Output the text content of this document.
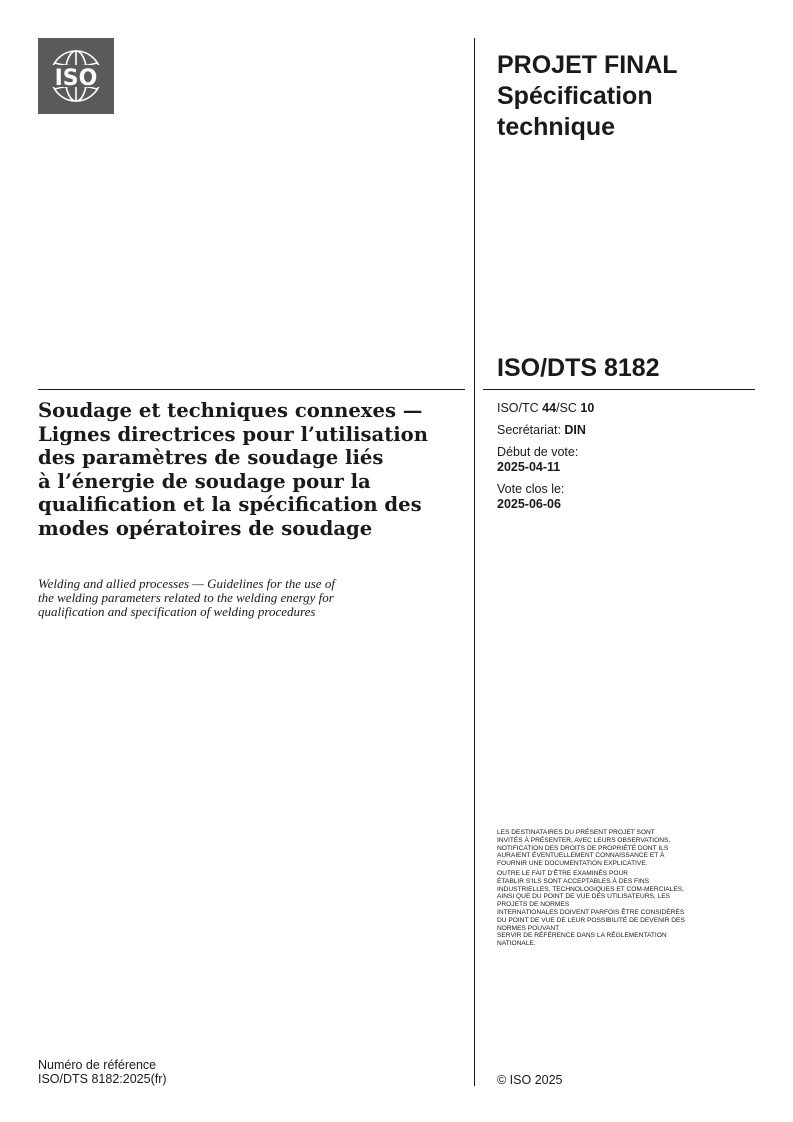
ISO	PROJET FINAL
Spécification
technique
ISO/DTS 8182
ISO/TC 44/SC 10
Secrétariat: DIN
Début de vote:
2025-04-11
Vote clos le:
2025-06-06
Soudage et techniques connexes —
Lignes directrices pour l’utilisation
des paramètres de soudage liés
à l’énergie de soudage pour la
qualification et la spécification des
modes opératoires de soudage
Welding and allied processes — Guidelines for the use of
the welding parameters related to the welding energy for
qualification and specification of welding procedures
LES DESTINATAIRES DU PRÉSENT PROJET SONT
INVITÉS À PRÉSENTER, AVEC LEURS OBSERVATIONS,
NOTIFICATION DES DROITS DE PROPRIÉTÉ DONT ILS
AURAIENT ÉVENTUELLEMENT CONNAISSANCE ET À
FOURNIR UNE DOCUMENTATION EXPLICATIVE.
OUTRE LE FAIT D’ÊTRE EXAMINÉS POUR
ÉTABLIR S’ILS SONT ACCEPTABLES À DES FINS
INDUSTRIELLES, TECHNOLOGIQUES ET COM-MERCIALES,
AINSI QUE DU POINT DE VUE DES UTILISATEURS, LES
PROJETS DE NORMES
INTERNATIONALES DOIVENT PARFOIS ÊTRE CONSIDÉRÉS
DU POINT DE VUE DE LEUR POSSIBILITÉ DE DEVENIR DES
NORMES POUVANT
SERVIR DE RÉFÉRENCE DANS LA RÉGLEMENTATION
NATIONALE.
Numéro de référence
ISO/DTS 8182:2025(fr)	© ISO 2025
